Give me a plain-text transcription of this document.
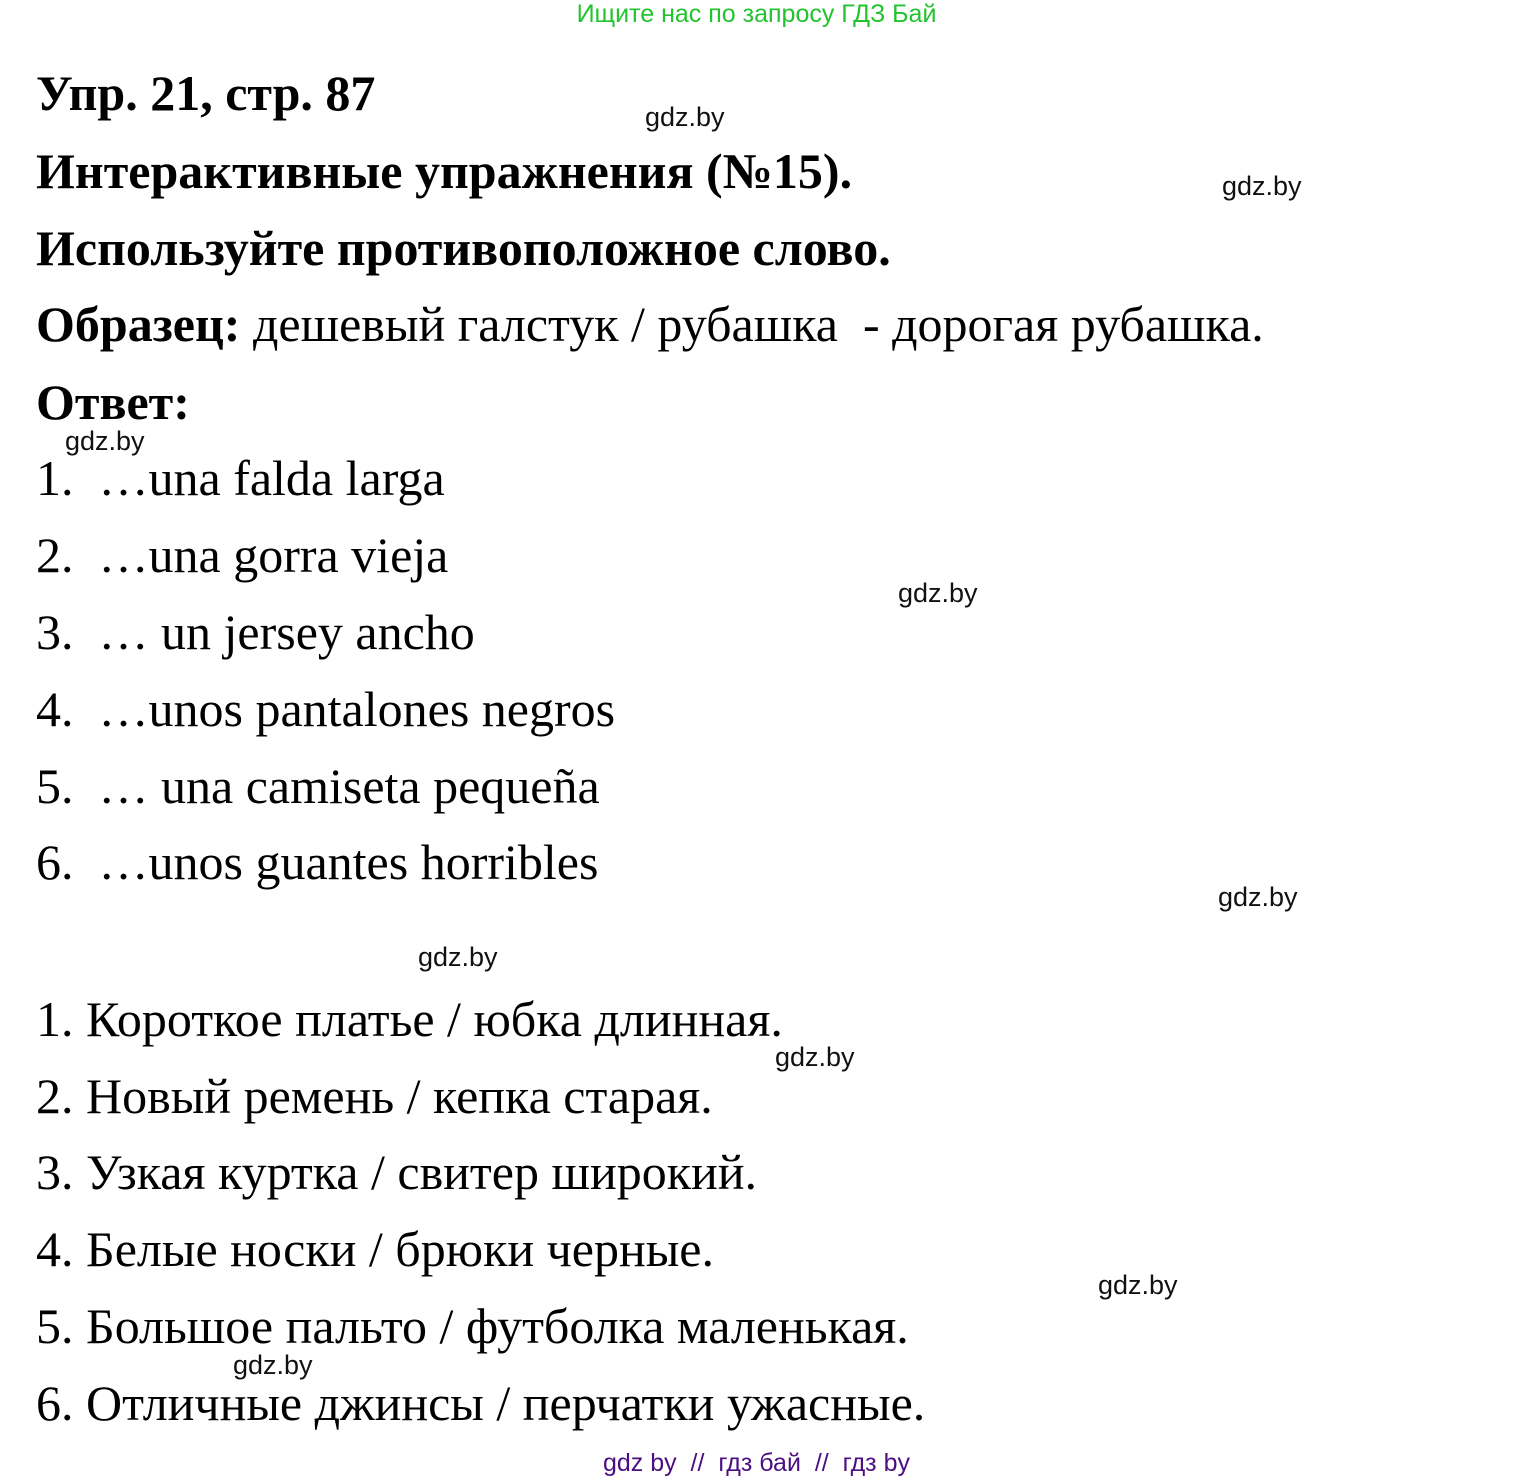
Ищите нас по запросу ГДЗ Бай
Упр. 21, стр. 87
Интерактивные упражнения (№15).
Используйте противоположное слово.
Образец: дешевый галстук / рубашка  - дорогая рубашка.
Ответ:
1.  …una falda larga
2.  …una gorra vieja
3.  … un jersey ancho
4.  …unos pantalones negros
5.  … una camiseta pequeña
6.  …unos guantes horribles
1. Короткое платье / юбка длинная.
2. Новый ремень / кепка старая.
3. Узкая куртка / свитер широкий.
4. Белые носки / брюки черные.
5. Большое пальто / футболка маленькая.
6. Отличные джинсы / перчатки ужасные.
gdz.by
gdz.by
gdz.by
gdz.by
gdz.by
gdz.by
gdz.by
gdz.by
gdz.by
gdz by  //  гдз бай  //  гдз by
